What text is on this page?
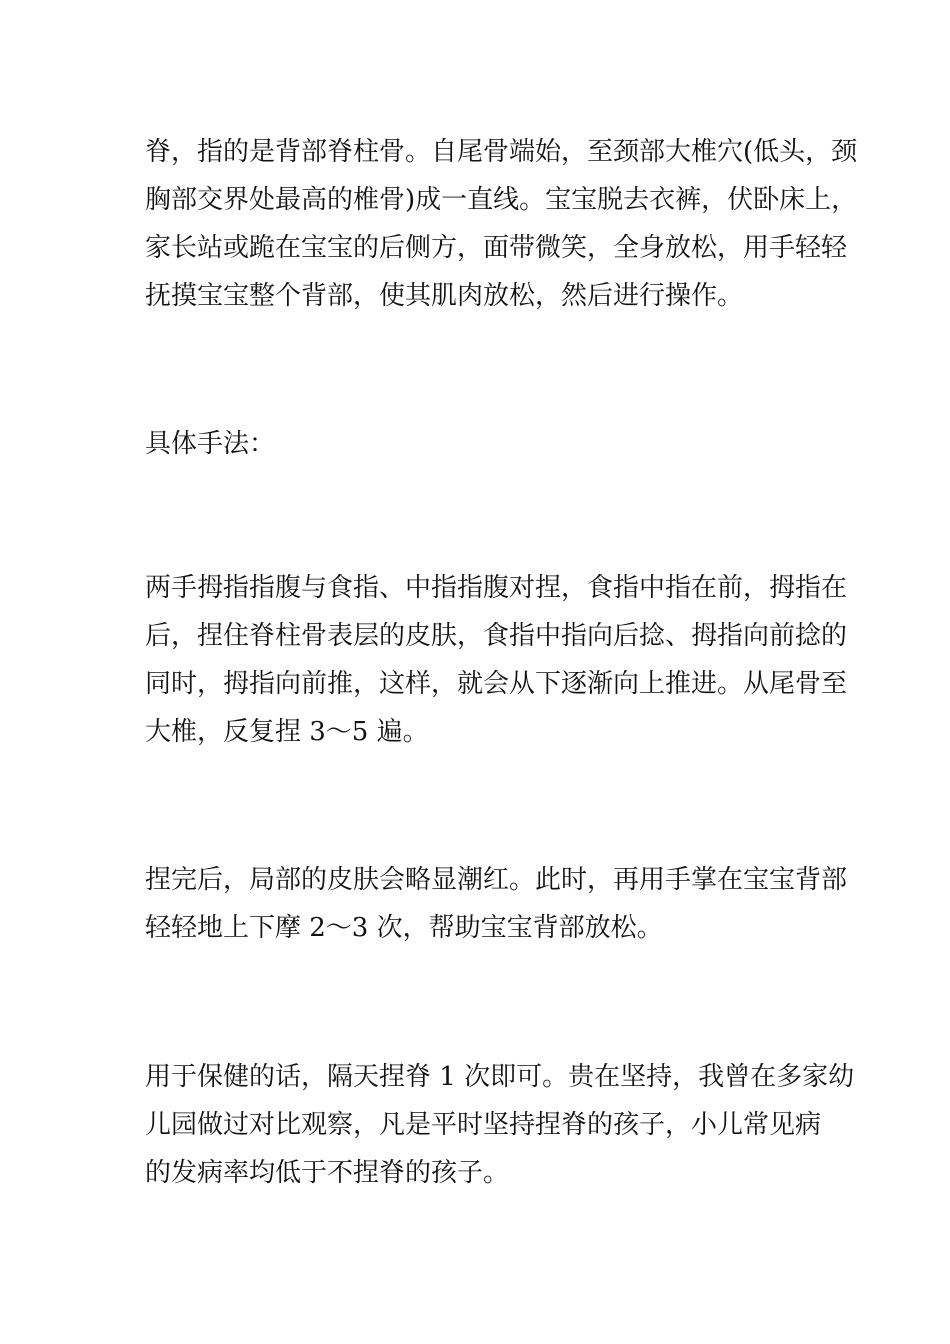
脊，指的是背部脊柱骨。自尾骨端始，至颈部大椎穴(低头，颈
胸部交界处最高的椎骨)成一直线。宝宝脱去衣裤，伏卧床上，
家长站或跪在宝宝的后侧方，面带微笑，全身放松，用手轻轻
抚摸宝宝整个背部，使其肌肉放松，然后进行操作。

具体手法：

两手拇指指腹与食指、中指指腹对捏，食指中指在前，拇指在
后，捏住脊柱骨表层的皮肤，食指中指向后捻、拇指向前捻的
同时，拇指向前推，这样，就会从下逐渐向上推进。从尾骨至
大椎，反复捏 3～5 遍。

捏完后，局部的皮肤会略显潮红。此时，再用手掌在宝宝背部
轻轻地上下摩 2～3 次，帮助宝宝背部放松。

用于保健的话，隔天捏脊 1 次即可。贵在坚持，我曾在多家幼
儿园做过对比观察，凡是平时坚持捏脊的孩子，小儿常见病
的发病率均低于不捏脊的孩子。
